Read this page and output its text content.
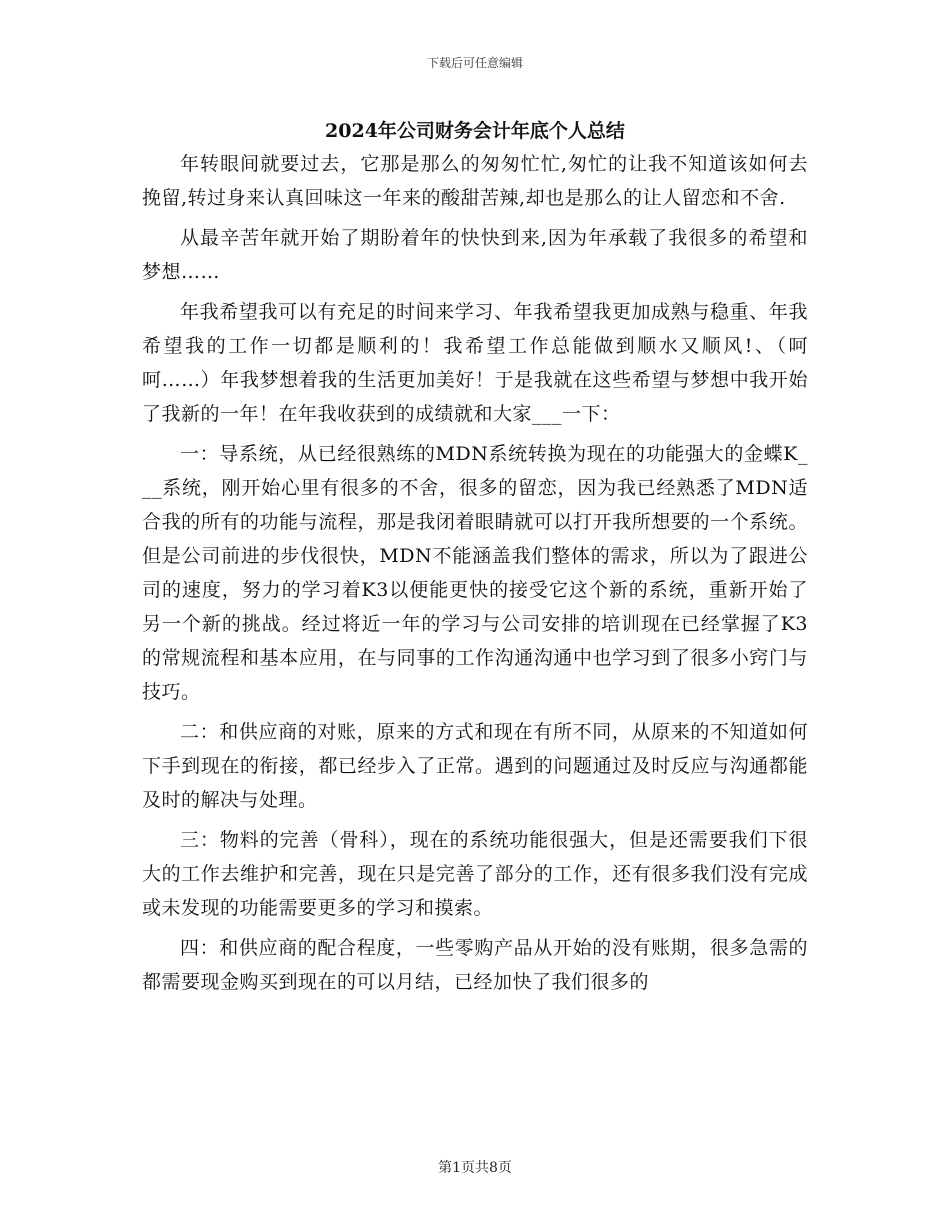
下载后可任意编辑
2024年公司财务会计年底个人总结

年转眼间就要过去，它那是那么的匆匆忙忙,匆忙的让我不知道该如何去挽留,转过身来认真回味这一年来的酸甜苦辣,却也是那么的让人留恋和不舍.

从最辛苦年就开始了期盼着年的快快到来,因为年承载了我很多的希望和梦想……

年我希望我可以有充足的时间来学习、年我希望我更加成熟与稳重、年我希望我的工作一切都是顺利的！我希望工作总能做到顺水又顺风!、（呵呵……）年我梦想着我的生活更加美好！于是我就在这些希望与梦想中我开始了我新的一年！在年我收获到的成绩就和大家___一下：

一：导系统，从已经很熟练的MDN系统转换为现在的功能强大的金蝶K___系统，刚开始心里有很多的不舍，很多的留恋，因为我已经熟悉了MDN适合我的所有的功能与流程，那是我闭着眼睛就可以打开我所想要的一个系统。但是公司前进的步伐很快，MDN不能涵盖我们整体的需求，所以为了跟进公司的速度，努力的学习着K3以便能更快的接受它这个新的系统，重新开始了另一个新的挑战。经过将近一年的学习与公司安排的培训现在已经掌握了K3的常规流程和基本应用，在与同事的工作沟通沟通中也学习到了很多小窍门与技巧。

二：和供应商的对账，原来的方式和现在有所不同，从原来的不知道如何下手到现在的衔接，都已经步入了正常。遇到的问题通过及时反应与沟通都能及时的解决与处理。

三：物料的完善（骨科），现在的系统功能很强大，但是还需要我们下很大的工作去维护和完善，现在只是完善了部分的工作，还有很多我们没有完成或未发现的功能需要更多的学习和摸索。

四：和供应商的配合程度，一些零购产品从开始的没有账期，很多急需的都需要现金购买到现在的可以月结，已经加快了我们很多的

第1页共8页
